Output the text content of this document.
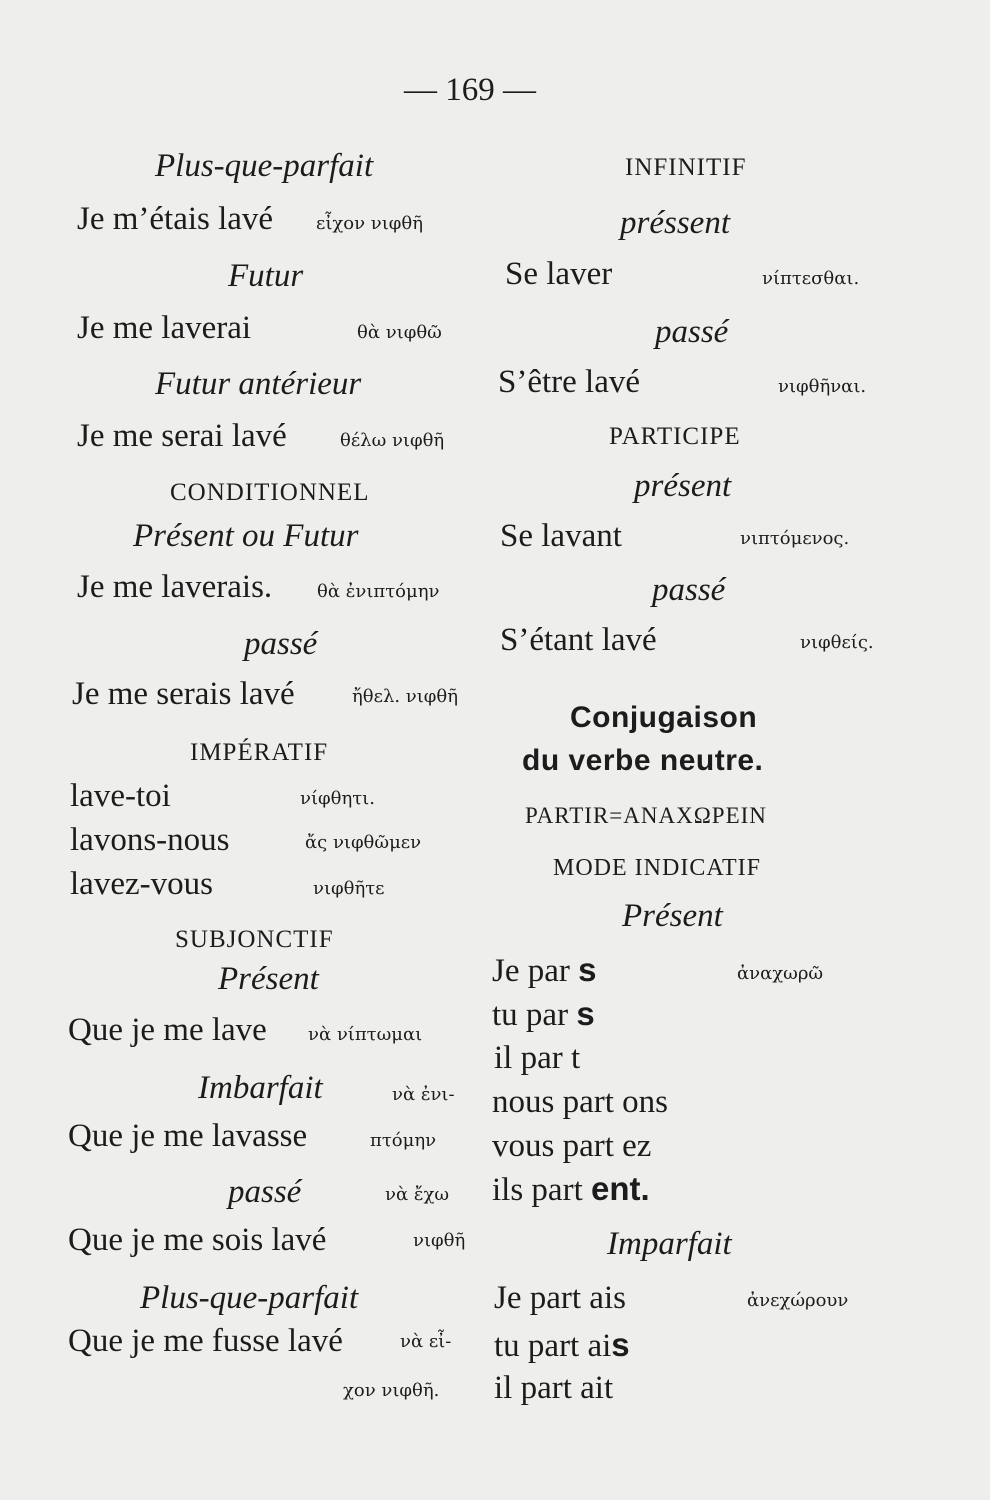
— 169 —
Plus-que-parfait
Je m’étais lavé εἶχον νιφθῆ
Futur
Je me laverai	θὰ νιφθῶ
Futur antérieur
Je me serai lavé	θέλω νιφθῆ
CONDITIONNEL
Présent ou Futur
Je me laverais. θὰ ἐνιπτόμην
passé
Je me serais lavé	ἤθελ. νιφθῆ
IMPÉRATIF
lave-toi	νίφθητι.
lavons-nous	ἄς νιφθῶμεν
lavez-vous	νιφθῆτε
SUBJONCTIF
Présent
Que je me lave νὰ νίπτωμαι
Imbarfait	νὰ ἐνι-
Que je me lavasse	πτόμην
passé	νὰ ἔχω
Que je me sois lavé	νιφθῆ
Plus-que-parfait
Que je me fusse lavé	νὰ εἶ-
χον νιφθῆ.
INFINITIF
préssent
Se laver	νίπτεσθαι.
passé
S’être lavé	νιφθῆναι.
PARTICIPE
présent
Se lavant	νιπτόμενος.
passé
S’étant lavé	νιφθείς.
Conjugaison
du verbe neutre.
PARTIR=ΑΝΑΧΩΡΕΙΝ
MODE INDICATIF
Présent
Je par s	ἀναχωρῶ
tu par s
il par t
nous part ons
vous part ez
ils part ent.
Imparfait
Je part ais	ἀνεχώρουν
tu part ais
il part ait
